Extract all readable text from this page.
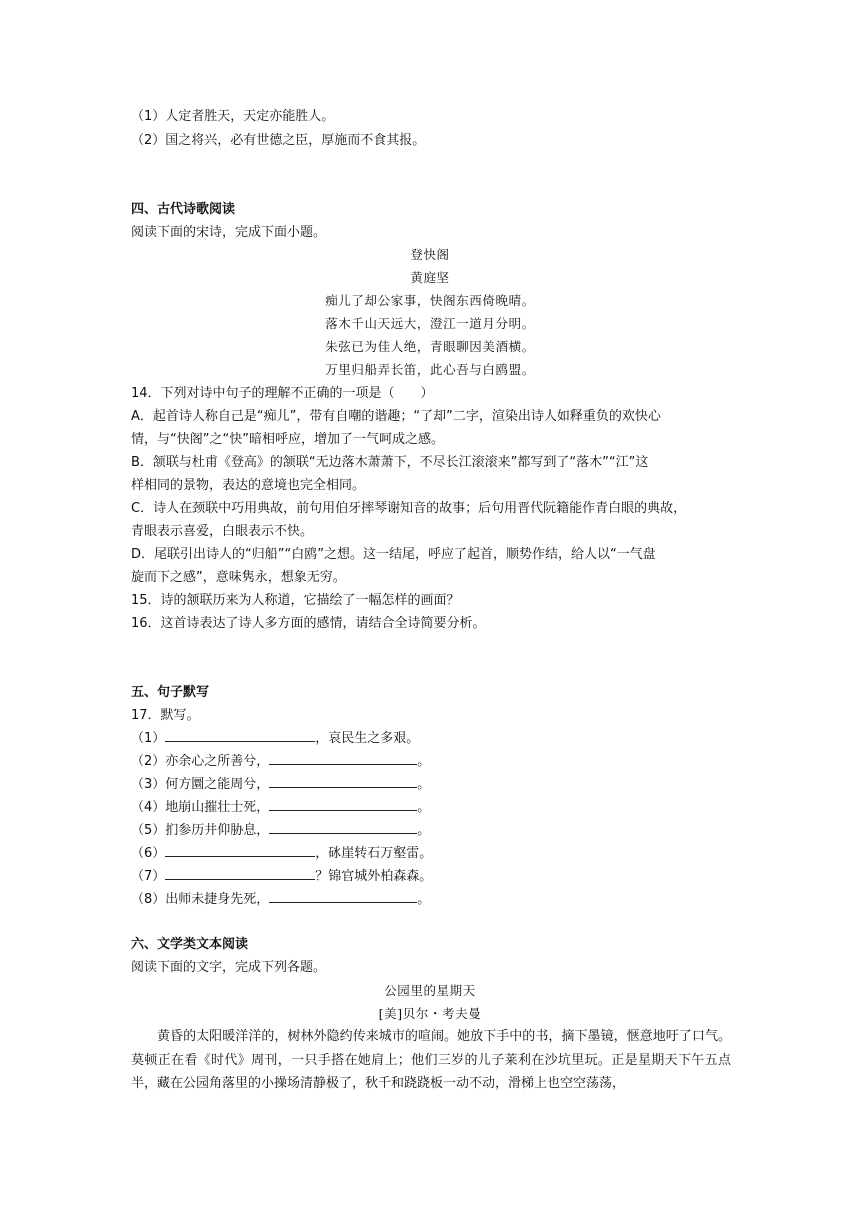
（1）人定者胜天，天定亦能胜人。
（2）国之将兴，必有世德之臣，厚施而不食其报。
四、古代诗歌阅读
阅读下面的宋诗，完成下面小题。
登快阁
黄庭坚
痴儿了却公家事，快阁东西倚晚晴。
落木千山天远大，澄江一道月分明。
朱弦已为佳人绝，青眼聊因美酒横。
万里归船弄长笛，此心吾与白鸥盟。
14．下列对诗中句子的理解不正确的一项是（　　）
A．起首诗人称自己是“痴儿”，带有自嘲的谐趣；“了却”二字，渲染出诗人如释重负的欢快心
情，与“快阁”之“快”暗相呼应，增加了一气呵成之感。
B．颔联与杜甫《登高》的颔联“无边落木萧萧下，不尽长江滚滚来”都写到了“落木”“江”这
样相同的景物，表达的意境也完全相同。
C．诗人在颈联中巧用典故，前句用伯牙摔琴谢知音的故事；后句用晋代阮籍能作青白眼的典故，
青眼表示喜爱，白眼表示不快。
D．尾联引出诗人的“归船”“白鸥”之想。这一结尾，呼应了起首，顺势作结，给人以“一气盘
旋而下之感”，意味隽永，想象无穷。
15．诗的颔联历来为人称道，它描绘了一幅怎样的画面？
16．这首诗表达了诗人多方面的感情，请结合全诗简要分析。
五、句子默写
17．默写。
（1）	，哀民生之多艰。
（2）亦余心之所善兮，	。
（3）何方圜之能周兮，	。
（4）地崩山摧壮士死，	。
（5）扪参历井仰胁息，	。
（6）	，砯崖转石万壑雷。
（7）	？锦官城外柏森森。
（8）出师未捷身先死，	。
六、文学类文本阅读
阅读下面的文字，完成下列各题。
公园里的星期天
[美]贝尔・考夫曼
黄昏的太阳暖洋洋的，树林外隐约传来城市的喧闹。她放下手中的书，摘下墨镜，惬意地吁了口气。莫顿正在看《时代》周刊，一只手搭在她肩上；他们三岁的儿子莱利在沙坑里玩。正是星期天下午五点半，藏在公园角落里的小操场清静极了，秋千和跷跷板一动不动，滑梯上也空空荡荡，
